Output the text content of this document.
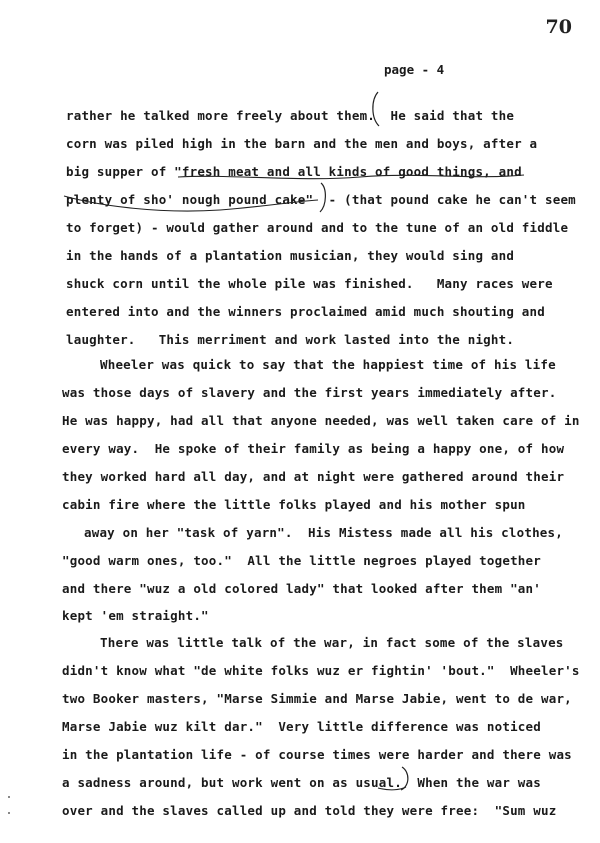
70
page - 4
rather he talked more freely about them.  He said that the
corn was piled high in the barn and the men and boys, after a
big supper of "fresh meat and all kinds of good things, and
plenty of sho' nough pound cake"  - (that pound cake he can't seem
to forget) - would gather around and to the tune of an old fiddle
in the hands of a plantation musician, they would sing and
shuck corn until the whole pile was finished.   Many races were
entered into and the winners proclaimed amid much shouting and
laughter.   This merriment and work lasted into the night.
Wheeler was quick to say that the happiest time of his life
was those days of slavery and the first years immediately after.
He was happy, had all that anyone needed, was well taken care of in
every way.  He spoke of their family as being a happy one, of how
they worked hard all day, and at night were gathered around their
cabin fire where the little folks played and his mother spun
away on her "task of yarn".  His Mistess made all his clothes,
"good warm ones, too."  All the little negroes played together
and there "wuz a old colored lady" that looked after them "an'
kept 'em straight."
There was little talk of the war, in fact some of the slaves
didn't know what "de white folks wuz er fightin' 'bout."  Wheeler's
two Booker masters, "Marse Simmie and Marse Jabie, went to de war,
Marse Jabie wuz kilt dar."  Very little difference was noticed
in the plantation life - of course times were harder and there was
a sadness around, but work went on as usual.  When the war was
over and the slaves called up and told they were free:  "Sum wuz
